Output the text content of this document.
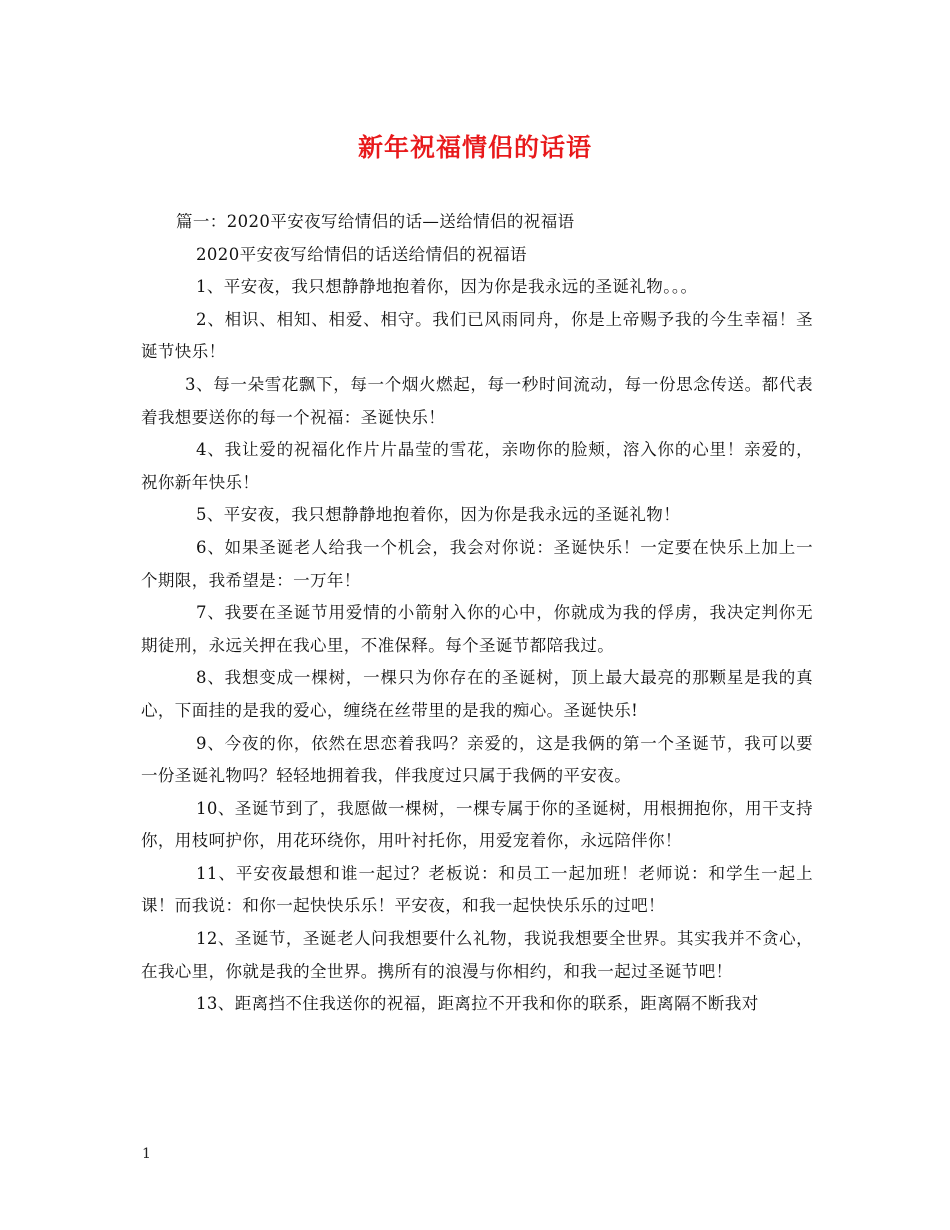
新年祝福情侣的话语

篇一：2020平安夜写给情侣的话—送给情侣的祝福语

2020平安夜写给情侣的话送给情侣的祝福语

1、平安夜，我只想静静地抱着你，因为你是我永远的圣诞礼物。。。

2、相识、相知、相爱、相守。我们已风雨同舟，你是上帝赐予我的今生幸福！圣诞节快乐！

3、每一朵雪花飘下，每一个烟火燃起，每一秒时间流动，每一份思念传送。都代表着我想要送你的每一个祝福：圣诞快乐！

4、我让爱的祝福化作片片晶莹的雪花，亲吻你的脸颊，溶入你的心里！亲爱的，祝你新年快乐！

5、平安夜，我只想静静地抱着你，因为你是我永远的圣诞礼物！

6、如果圣诞老人给我一个机会，我会对你说：圣诞快乐！一定要在快乐上加上一个期限，我希望是：一万年！

7、我要在圣诞节用爱情的小箭射入你的心中，你就成为我的俘虏，我决定判你无期徒刑，永远关押在我心里，不准保释。每个圣诞节都陪我过。

8、我想变成一棵树，一棵只为你存在的圣诞树，顶上最大最亮的那颗星是我的真心，下面挂的是我的爱心，缠绕在丝带里的是我的痴心。圣诞快乐!

9、今夜的你，依然在思恋着我吗？亲爱的，这是我俩的第一个圣诞节，我可以要一份圣诞礼物吗？轻轻地拥着我，伴我度过只属于我俩的平安夜。

10、圣诞节到了，我愿做一棵树，一棵专属于你的圣诞树，用根拥抱你，用干支持你，用枝呵护你，用花环绕你，用叶衬托你，用爱宠着你，永远陪伴你！

11、平安夜最想和谁一起过？老板说：和员工一起加班！老师说：和学生一起上课！而我说：和你一起快快乐乐！平安夜，和我一起快快乐乐的过吧！

12、圣诞节，圣诞老人问我想要什么礼物，我说我想要全世界。其实我并不贪心，在我心里，你就是我的全世界。携所有的浪漫与你相约，和我一起过圣诞节吧！

13、距离挡不住我送你的祝福，距离拉不开我和你的联系，距离隔不断我对

1
